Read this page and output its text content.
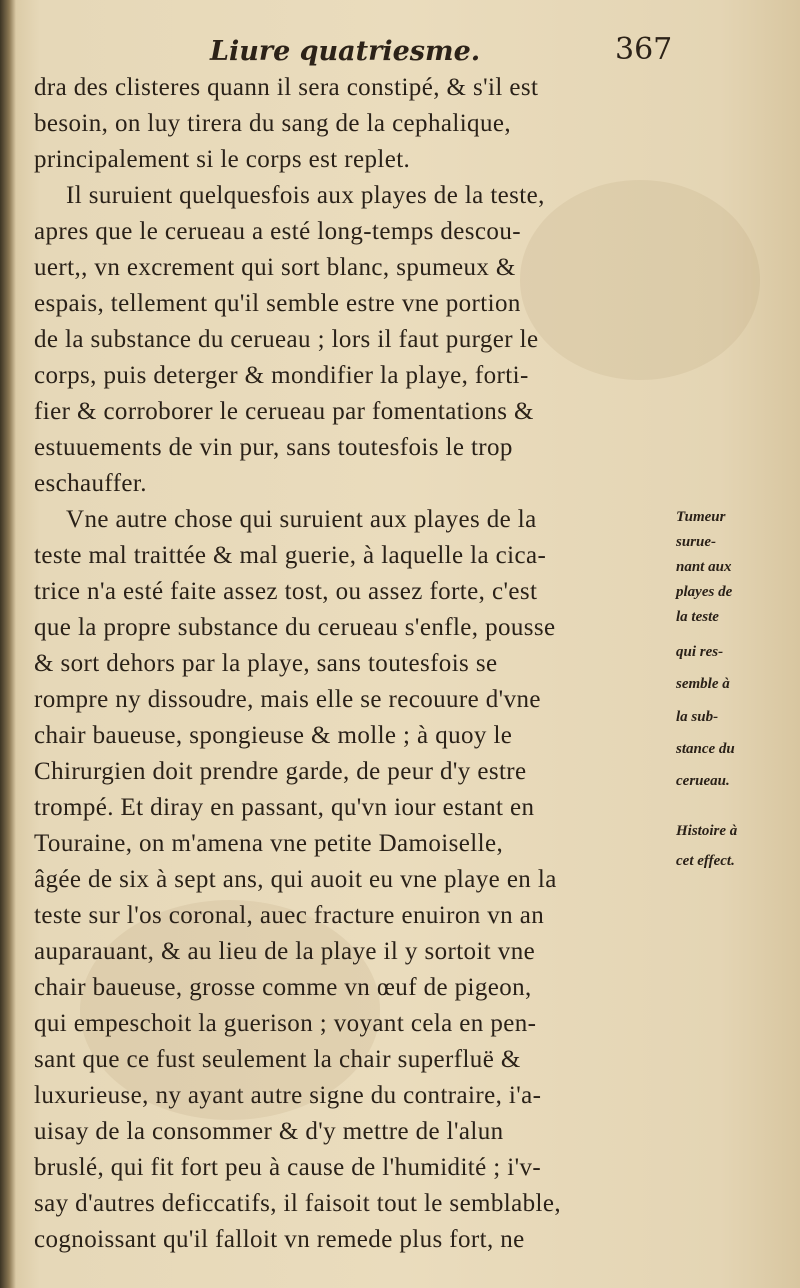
Liure quatriesme.	367
dra des clisteres quann il sera constipé, & s'il est
besoin, on luy tirera du sang de la cephalique,
principalement si le corps est replet.
Il suruient quelquesfois aux playes de la teste,
apres que le cerueau a esté long-temps descou-
uert,, vn excrement qui sort blanc, spumeux &
espais, tellement qu'il semble estre vne portion
de la substance du cerueau ; lors il faut purger le
corps, puis deterger & mondifier la playe, forti-
fier & corroborer le cerueau par fomentations &
estuuements de vin pur, sans toutesfois le trop
eschauffer.
Vne autre chose qui suruient aux playes de la
teste mal traittée & mal guerie, à laquelle la cica-
trice n'a esté faite assez tost, ou assez forte, c'est
que la propre substance du cerueau s'enfle, pousse
& sort dehors par la playe, sans toutesfois se
rompre ny dissoudre, mais elle se recouure d'vne
chair baueuse, spongieuse & molle ; à quoy le
Chirurgien doit prendre garde, de peur d'y estre
trompé. Et diray en passant, qu'vn iour estant en
Touraine, on m'amena vne petite Damoiselle,
âgée de six à sept ans, qui auoit eu vne playe en la
teste sur l'os coronal, auec fracture enuiron vn an
auparauant, & au lieu de la playe il y sortoit vne
chair baueuse, grosse comme vn œuf de pigeon,
qui empeschoit la guerison ; voyant cela en pen-
sant que ce fust seulement la chair superfluë &
luxurieuse, ny ayant autre signe du contraire, i'a-
uisay de la consommer & d'y mettre de l'alun
bruslé, qui fit fort peu à cause de l'humidité ; i'v-
say d'autres deficcatifs, il faisoit tout le semblable,
cognoissant qu'il falloit vn remede plus fort, ne
Tumeur
surue-
nant aux
playes de
la teste
qui res-
semble à
la sub-
stance du
cerueau.
Histoire à
cet effect.
